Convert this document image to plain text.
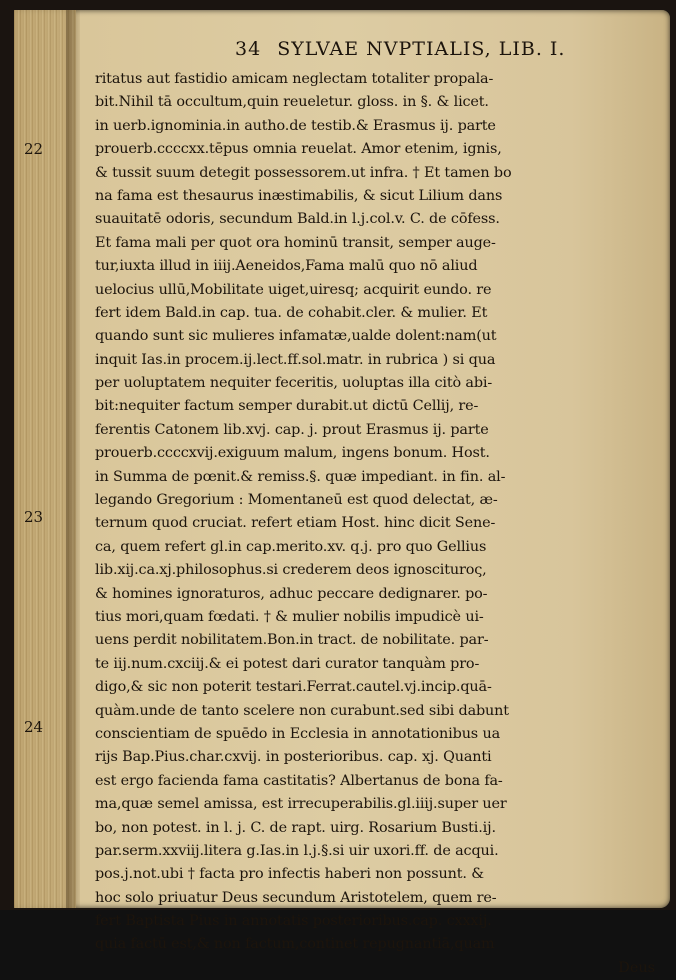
34 SYLVAE NVPTIALIS, LIB. I.
ritatus aut fastidio amicam neglectam totaliter propala-
bit.Nihil tā occultum,quin reueletur. gloss. in §. & licet.
in uerb.ignominia.in autho.de testib.& Erasmus ij. parte
prouerb.ccccxx.tēpus omnia reuelat. Amor etenim, ignis,
& tussit suum detegit possessorem.ut infra. † Et tamen bo
na fama est thesaurus inæstimabilis, & sicut Lilium dans
suauitatē odoris, secundum Bald.in l.j.col.v. C. de cōfess.
Et fama mali per quot ora hominū transit, semper auge-
tur,iuxta illud in iiij.Aeneidos,Fama malū quo nō aliud
uelocius ullū,Mobilitate uiget,uiresq; acquirit eundo. re
fert idem Bald.in cap. tua. de cohabit.cler. & mulier. Et
quando sunt sic mulieres infamatæ,ualde dolent:nam(ut
inquit Ias.in procem.ij.lect.ff.sol.matr. in rubrica ) si qua
per uoluptatem nequiter feceritis, uoluptas illa citò abi-
bit:nequiter factum semper durabit.ut dictū Cellij, re-
ferentis Catonem lib.xvj. cap. j. prout Erasmus ij. parte
prouerb.ccccxvij.exiguum malum, ingens bonum. Host.
in Summa de pœnit.& remiss.§. quæ impediant. in fin. al-
legando Gregorium : Momentaneū est quod delectat, æ-
ternum quod cruciat. refert etiam Host. hinc dicit Sene-
ca, quem refert gl.in cap.merito.xv. q.j. pro quo Gellius
lib.xij.ca.xj.philosophus.si crederem deos ignosciturος,
& homines ignoraturos, adhuc peccare dedignarer. po-
tius mori,quam fœdati. † & mulier nobilis impudicè ui-
uens perdit nobilitatem.Bon.in tract. de nobilitate. par-
te iij.num.cxciij.& ei potest dari curator tanquàm pro-
digo,& sic non poterit testari.Ferrat.cautel.vj.incip.quā-
quàm.unde de tanto scelere non curabunt.sed sibi dabunt
conscientiam de spuēdo in Ecclesia in annotationibus ua
rijs Bap.Pius.char.cxvij. in posterioribus. cap. xj. Quanti
est ergo facienda fama castitatis? Albertanus de bona fa-
ma,quæ semel amissa, est irrecuperabilis.gl.iiij.super uer
bo, non potest. in l. j. C. de rapt. uirg. Rosarium Busti.ij.
par.serm.xxviij.litera g.Ias.in l.j.§.si uir uxori.ff. de acqui.
pos.j.not.ubi † facta pro infectis haberi non possunt. &
hoc solo priuatur Deus secundum Aristotelem, quem re-
fert Baptista Pius in annotatis posterioribus.cap. cxxxij.
quia factū est,& non factum,continet repugnantiā,quam
Deus
22
23
24
